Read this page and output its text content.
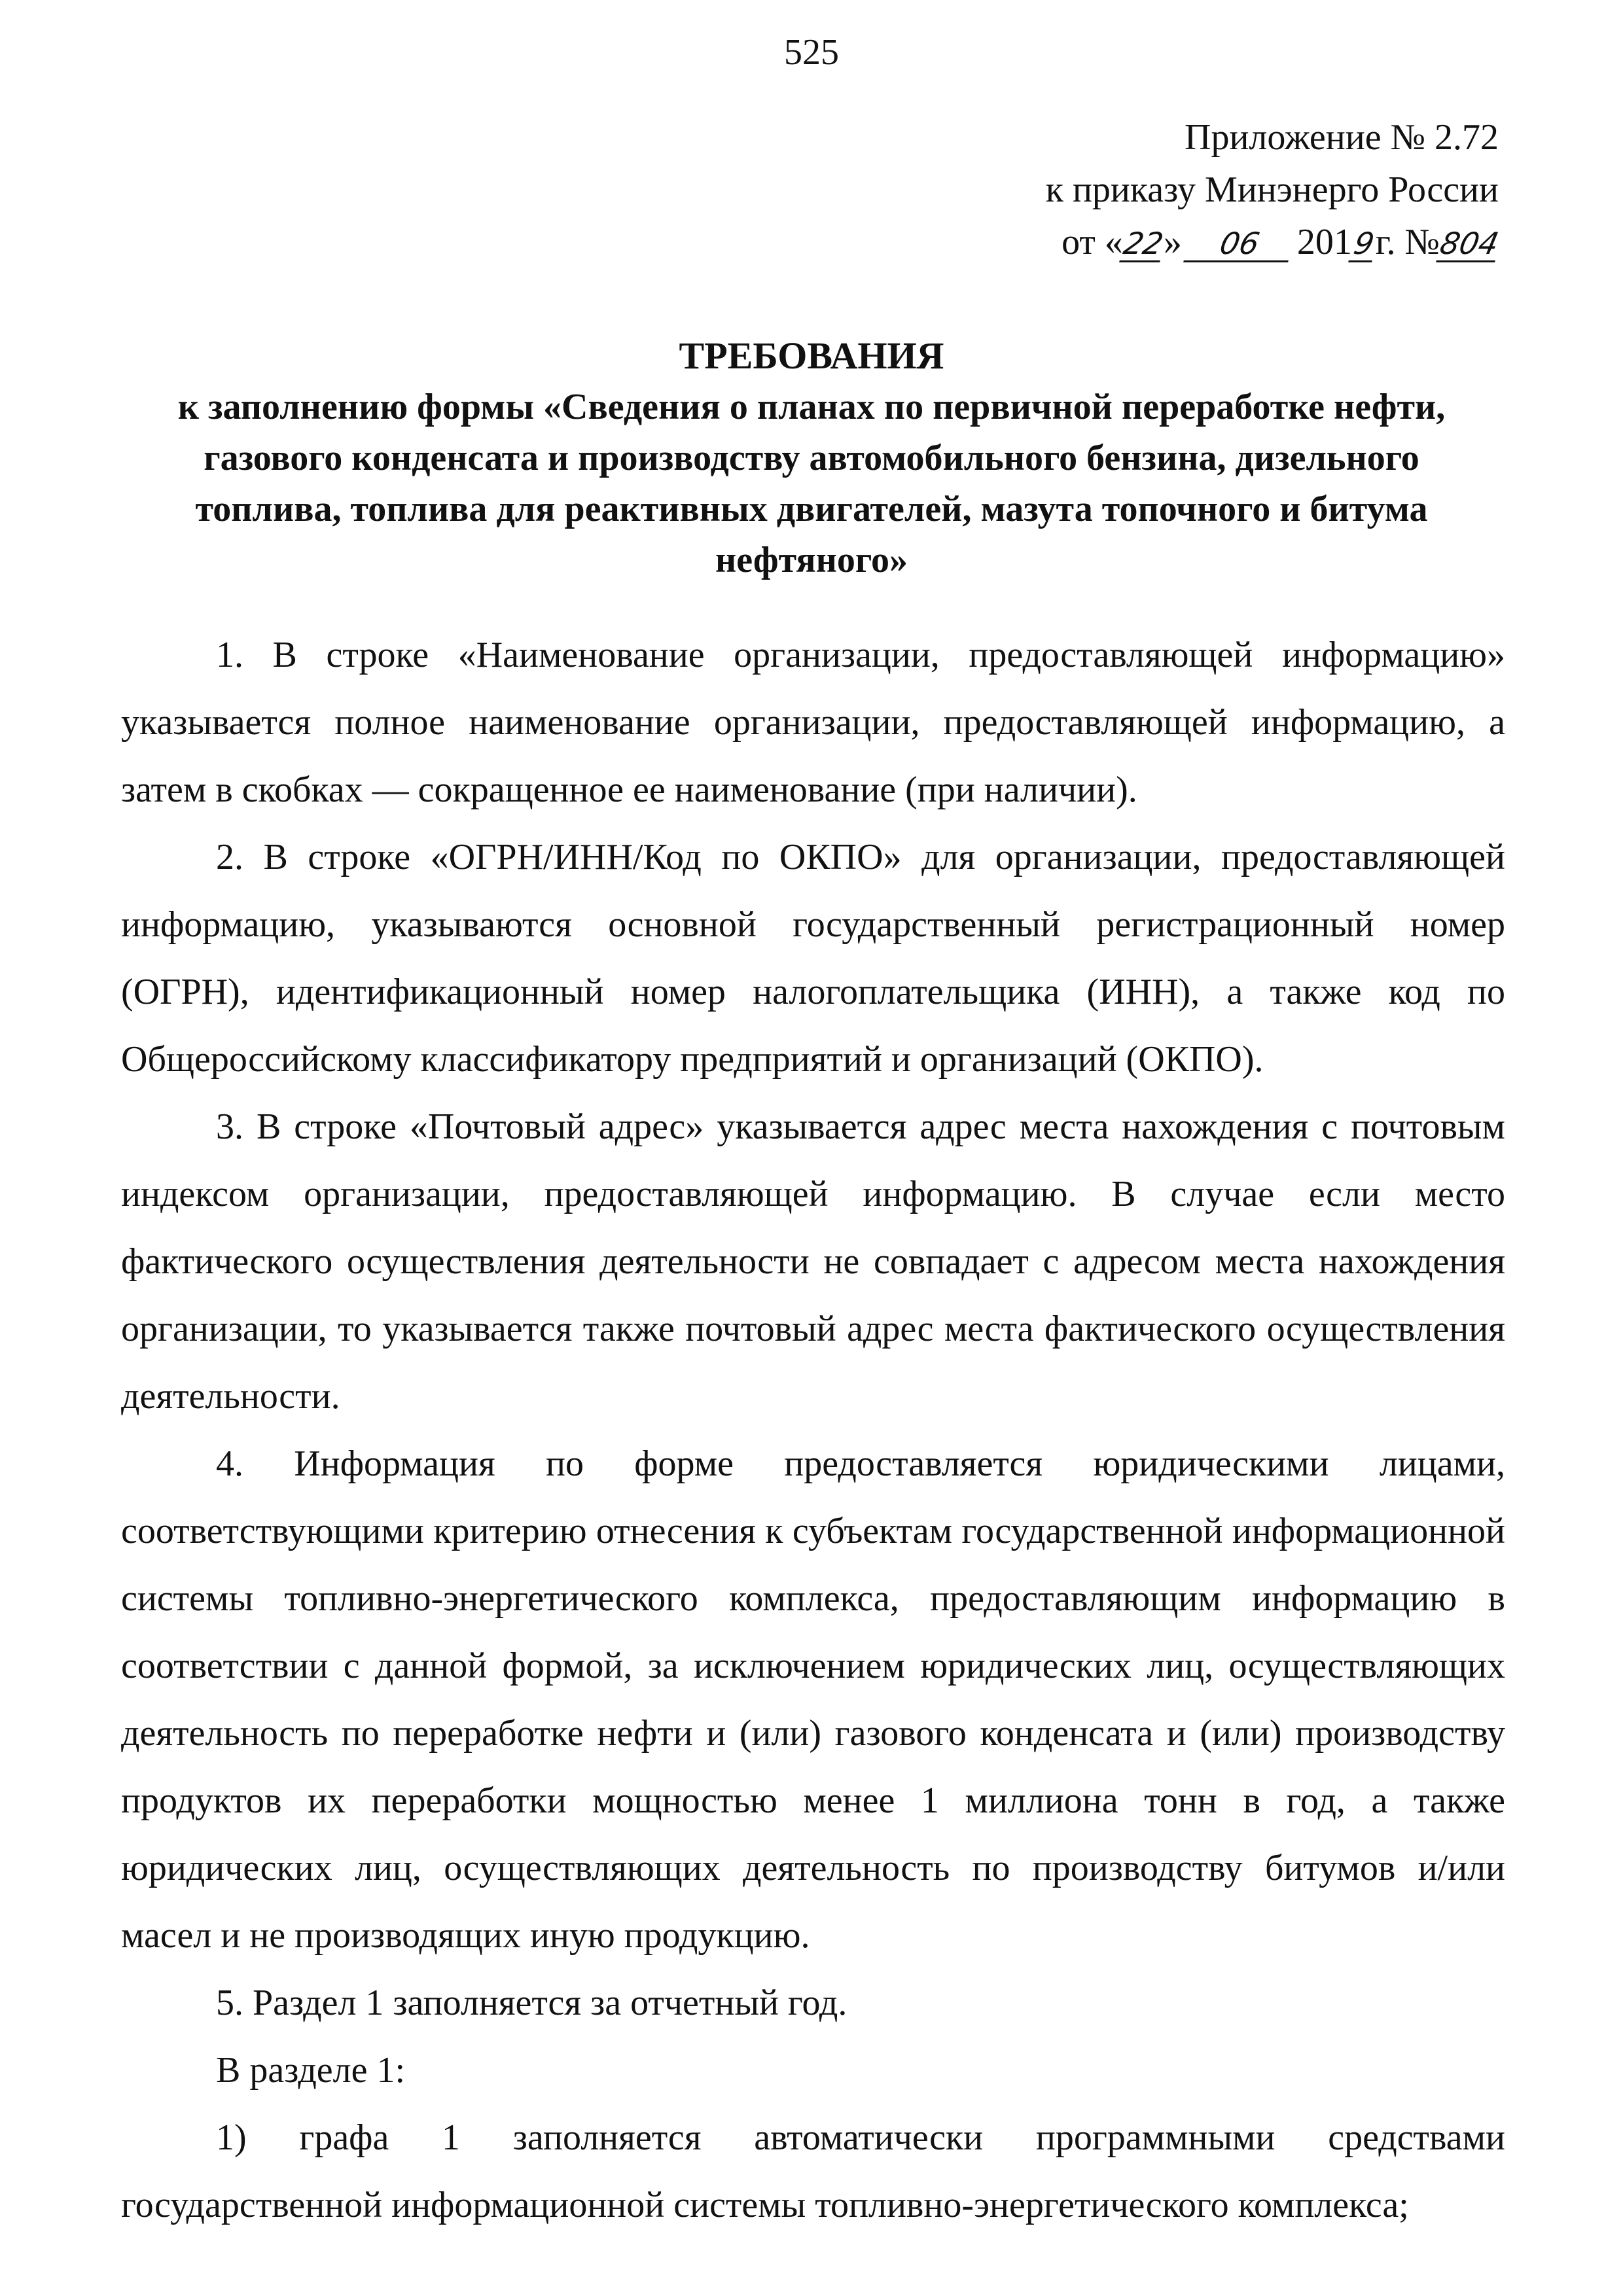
525
Приложение № 2.72
к приказу Минэнерго России
от «22» 06 2019г. №804
ТРЕБОВАНИЯ
к заполнению формы «Сведения о планах по первичной переработке нефти,
газового конденсата и производству автомобильного бензина, дизельного
топлива, топлива для реактивных двигателей, мазута топочного и битума
нефтяного»

1. В строке «Наименование организации, предоставляющей информацию» указывается полное наименование организации, предоставляющей информацию, а затем в скобках — сокращенное ее наименование (при наличии).

2. В строке «ОГРН/ИНН/Код по ОКПО» для организации, предоставляющей информацию, указываются основной государственный регистрационный номер (ОГРН), идентификационный номер налогоплательщика (ИНН), а также код по Общероссийскому классификатору предприятий и организаций (ОКПО).

3. В строке «Почтовый адрес» указывается адрес места нахождения с почтовым индексом организации, предоставляющей информацию. В случае если место фактического осуществления деятельности не совпадает с адресом места нахождения организации, то указывается также почтовый адрес места фактического осуществления деятельности.

4. Информация по форме предоставляется юридическими лицами, соответствующими критерию отнесения к субъектам государственной информационной системы топливно-энергетического комплекса, предоставляющим информацию в соответствии с данной формой, за исключением юридических лиц, осуществляющих деятельность по переработке нефти и (или) газового конденсата и (или) производству продуктов их переработки мощностью менее 1 миллиона тонн в год, а также юридических лиц, осуществляющих деятельность по производству битумов и/или масел и не производящих иную продукцию.

5. Раздел 1 заполняется за отчетный год.

В разделе 1:

1) графа 1 заполняется автоматически программными средствами государственной информационной системы топливно-энергетического комплекса;
